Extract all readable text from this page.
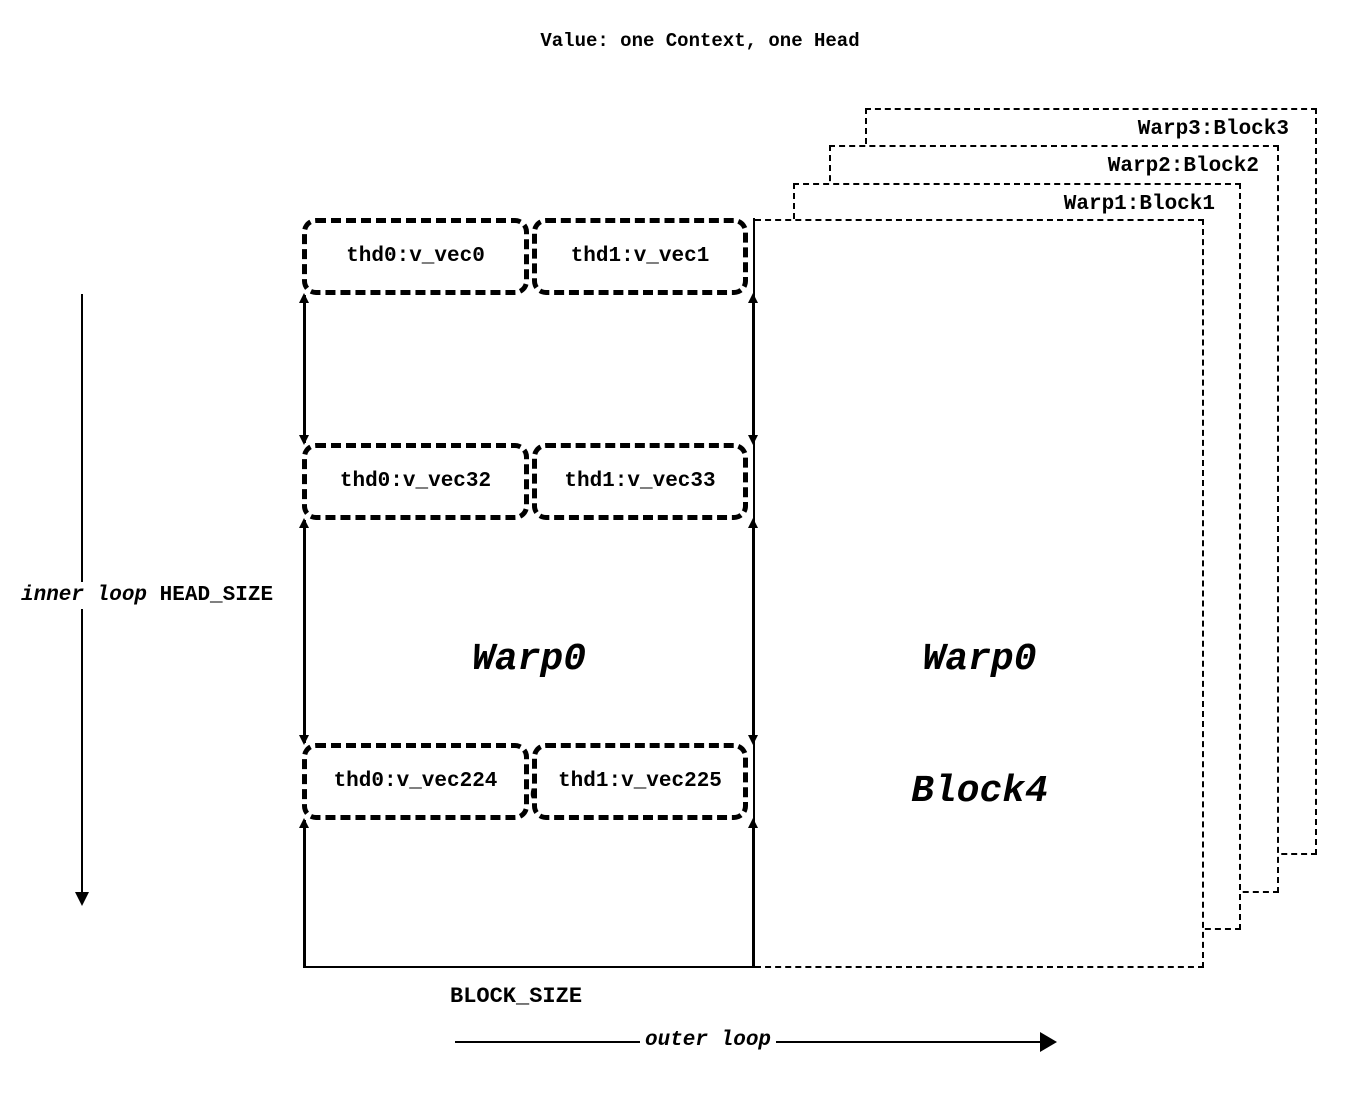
Value: one Context, one Head
Warp3:Block3
Warp2:Block2
Warp1:Block1

Warp0

Block4

Warp0

thd0:v_vec0	thd1:v_vec1
thd0:v_vec32	thd1:v_vec33
thd0:v_vec224	thd1:v_vec225
inner loop HEAD_SIZE
BLOCK_SIZE
outer loop
